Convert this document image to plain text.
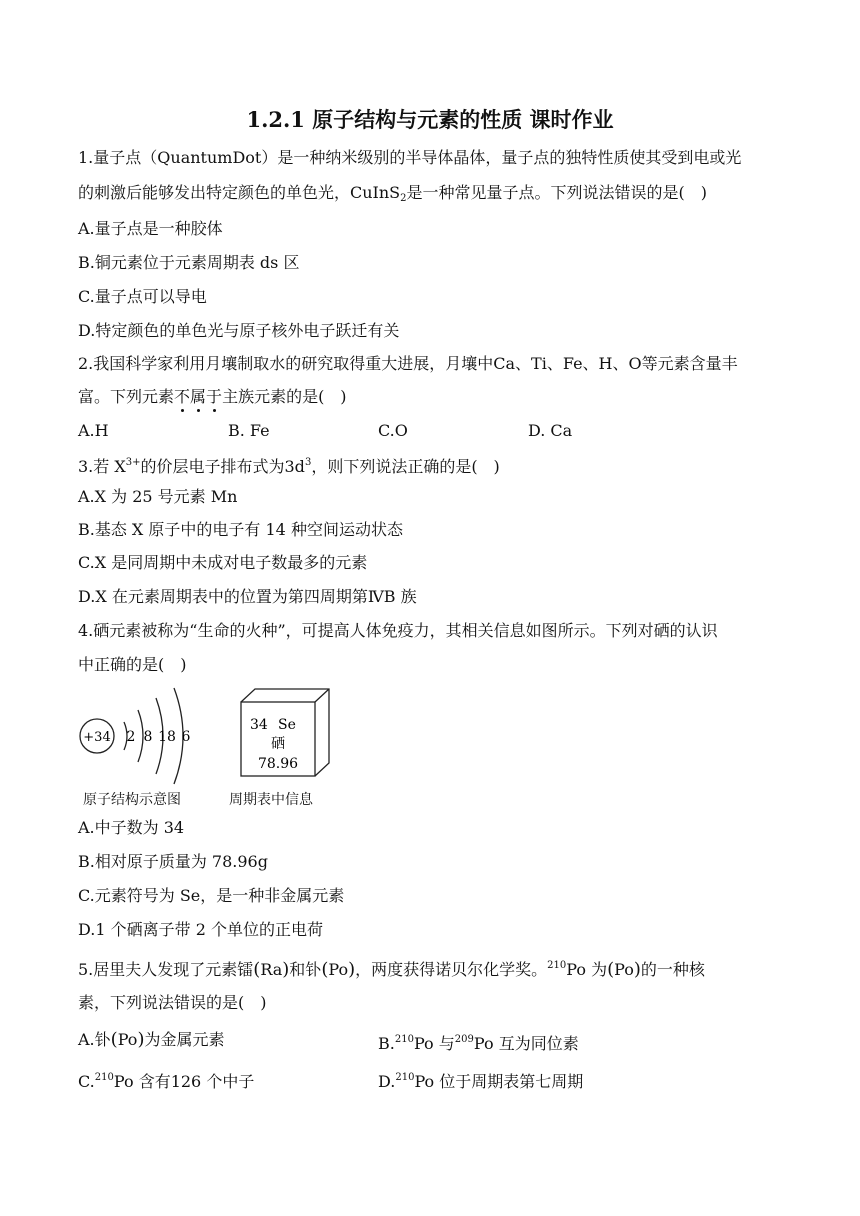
1.2.1 原子结构与元素的性质 课时作业
1.量子点（QuantumDot）是一种纳米级别的半导体晶体，量子点的独特性质使其受到电或光
的刺激后能够发出特定颜色的单色光，CuInS$_2$是一种常见量子点。下列说法错误的是(　)
A.量子点是一种胶体
B.铜元素位于元素周期表 ds 区
C.量子点可以导电
D.特定颜色的单色光与原子核外电子跃迁有关
2.我国科学家利用月壤制取水的研究取得重大进展，月壤中Ca、Ti、Fe、H、O等元素含量丰
富。下列元素不属于主族元素的是(　)
A.H	B. Fe	C.O	D. Ca
3.若 $X^{3+}$的价层电子排布式为$3d^3$，则下列说法正确的是(　)
A.X 为 25 号元素 Mn
B.基态 X 原子中的电子有 14 种空间运动状态
C.X 是同周期中未成对电子数最多的元素
D.X 在元素周期表中的位置为第四周期第ⅣB 族
4.硒元素被称为“生命的火种”，可提高人体免疫力，其相关信息如图所示。下列对硒的认识
中正确的是(　)
+34 2 8 18 6
34 Se
硒
78.96
原子结构示意图	周期表中信息
A.中子数为 34
B.相对原子质量为 78.96g
C.元素符号为 Se，是一种非金属元素
D.1 个硒离子带 2 个单位的正电荷
5.居里夫人发现了元素镭(Ra)和钋(Po)，两度获得诺贝尔化学奖。$^{210}$Po 为(Po)的一种核
素，下列说法错误的是(　)
A.钋(Po)为金属元素	B.$^{210}$Po 与$^{209}$Po 互为同位素
C.$^{210}$Po 含有126 个中子	D.$^{210}$Po 位于周期表第七周期
